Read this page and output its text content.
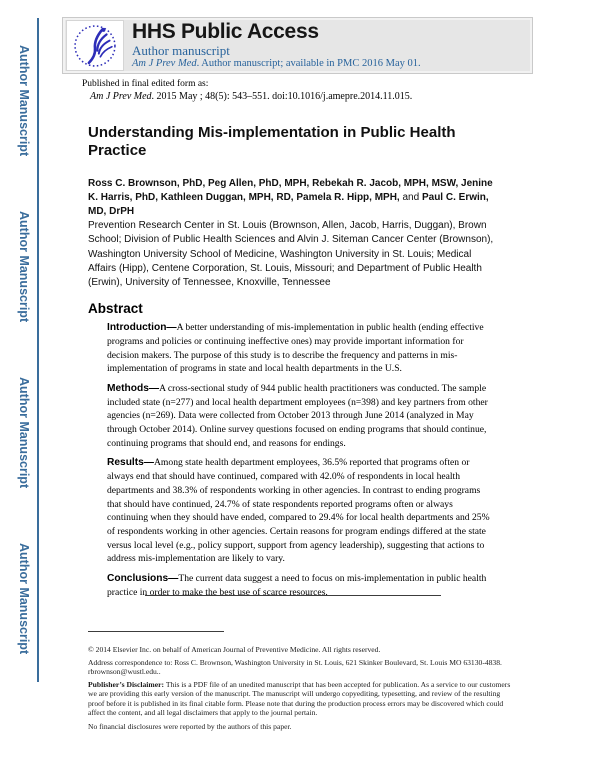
Author Manuscript
Author Manuscript
Author Manuscript
Author Manuscript
HHS Public Access
Author manuscript
Am J Prev Med. Author manuscript; available in PMC 2016 May 01.
Published in final edited form as:
Am J Prev Med. 2015 May ; 48(5): 543–551. doi:10.1016/j.amepre.2014.11.015.
Understanding Mis-implementation in Public Health Practice
Ross C. Brownson, PhD, Peg Allen, PhD, MPH, Rebekah R. Jacob, MPH, MSW, Jenine K. Harris, PhD, Kathleen Duggan, MPH, RD, Pamela R. Hipp, MPH, and Paul C. Erwin, MD, DrPH
Prevention Research Center in St. Louis (Brownson, Allen, Jacob, Harris, Duggan), Brown School; Division of Public Health Sciences and Alvin J. Siteman Cancer Center (Brownson), Washington University School of Medicine, Washington University in St. Louis; Medical Affairs (Hipp), Centene Corporation, St. Louis, Missouri; and Department of Public Health (Erwin), University of Tennessee, Knoxville, Tennessee
Abstract

Introduction—A better understanding of mis-implementation in public health (ending effective programs and policies or continuing ineffective ones) may provide important information for decision makers. The purpose of this study is to describe the frequency and patterns in mis-implementation of programs in state and local health departments in the U.S.

Methods—A cross-sectional study of 944 public health practitioners was conducted. The sample included state (n=277) and local health department employees (n=398) and key partners from other agencies (n=269). Data were collected from October 2013 through June 2014 (analyzed in May through October 2014). Online survey questions focused on ending programs that should continue, continuing programs that should end, and reasons for endings.

Results—Among state health department employees, 36.5% reported that programs often or always end that should have continued, compared with 42.0% of respondents in local health departments and 38.3% of respondents working in other agencies. In contrast to ending programs that should have continued, 24.7% of state respondents reported programs often or always continuing when they should have ended, compared to 29.4% for local health departments and 25% of respondents working in other agencies. Certain reasons for program endings differed at the state versus local level (e.g., policy support, support from agency leadership), suggesting that actions to address mis-implementation are likely to vary.

Conclusions—The current data suggest a need to focus on mis-implementation in public health practice in order to make the best use of scarce resources.

© 2014 Elsevier Inc. on behalf of American Journal of Preventive Medicine. All rights reserved.

Address correspondence to: Ross C. Brownson, Washington University in St. Louis, 621 Skinker Boulevard, St. Louis MO 63130-4838. rbrownson@wustl.edu..

Publisher’s Disclaimer: This is a PDF file of an unedited manuscript that has been accepted for publication. As a service to our customers we are providing this early version of the manuscript. The manuscript will undergo copyediting, typesetting, and review of the resulting proof before it is published in its final citable form. Please note that during the production process errors may be discovered which could affect the content, and all legal disclaimers that apply to the journal pertain.

No financial disclosures were reported by the authors of this paper.
